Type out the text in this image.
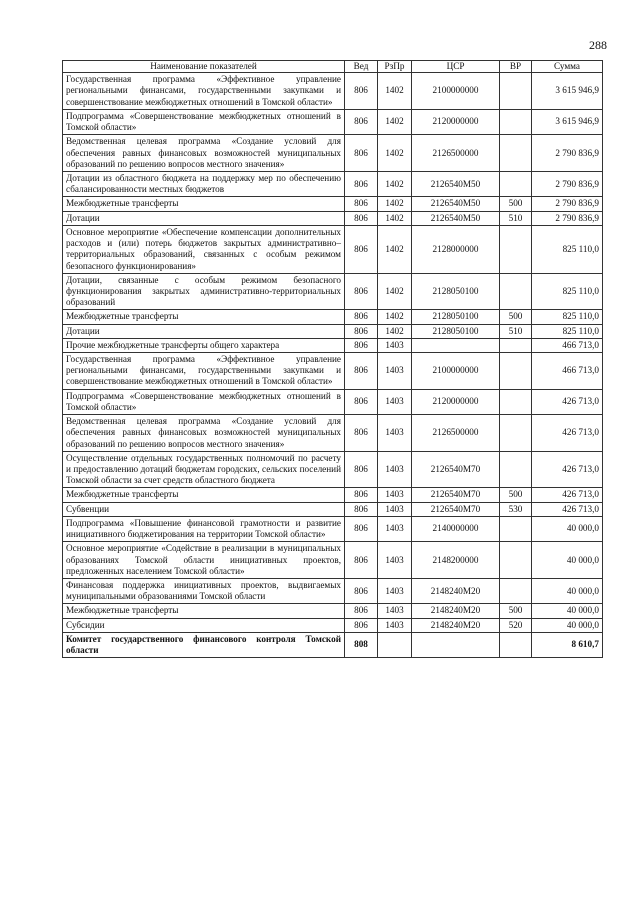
288
Наименование показателей	Вед	РзПр	ЦСР	ВР	Сумма
Государственная программа «Эффективное управление региональными финансами, государственными закупками и совершенствование межбюджетных отношений в Томской области»	806	1402	2100000000		3 615 946,9
Подпрограмма «Совершенствование межбюджетных отношений в Томской области»	806	1402	2120000000		3 615 946,9
Ведомственная целевая программа «Создание условий для обеспечения равных финансовых возможностей муниципальных образований по решению вопросов местного значения»	806	1402	2126500000		2 790 836,9
Дотации из областного бюджета на поддержку мер по обеспечению сбалансированности местных бюджетов	806	1402	2126540M50		2 790 836,9
Межбюджетные трансферты	806	1402	2126540M50	500	2 790 836,9
Дотации	806	1402	2126540M50	510	2 790 836,9
Основное мероприятие «Обеспечение компенсации дополнительных расходов и (или) потерь бюджетов закрытых административно–территориальных образований, связанных с особым режимом безопасного функционирования»	806	1402	2128000000		825 110,0
Дотации, связанные с особым режимом безопасного функционирования закрытых административно-территориальных образований	806	1402	2128050100		825 110,0
Межбюджетные трансферты	806	1402	2128050100	500	825 110,0
Дотации	806	1402	2128050100	510	825 110,0
Прочие межбюджетные трансферты общего характера	806	1403			466 713,0
Государственная программа «Эффективное управление региональными финансами, государственными закупками и совершенствование межбюджетных отношений в Томской области»	806	1403	2100000000		466 713,0
Подпрограмма «Совершенствование межбюджетных отношений в Томской области»	806	1403	2120000000		426 713,0
Ведомственная целевая программа «Создание условий для обеспечения равных финансовых возможностей муниципальных образований по решению вопросов местного значения»	806	1403	2126500000		426 713,0
Осуществление отдельных государственных полномочий по расчету и предоставлению дотаций бюджетам городских, сельских поселений Томской области за счет средств областного бюджета	806	1403	2126540M70		426 713,0
Межбюджетные трансферты	806	1403	2126540M70	500	426 713,0
Субвенции	806	1403	2126540M70	530	426 713,0
Подпрограмма «Повышение финансовой грамотности и развитие инициативного бюджетирования на территории Томской области»	806	1403	2140000000		40 000,0
Основное мероприятие «Содействие в реализации в муниципальных образованиях Томской области инициативных проектов, предложенных населением Томской области»	806	1403	2148200000		40 000,0
Финансовая поддержка инициативных проектов, выдвигаемых муниципальными образованиями Томской области	806	1403	2148240M20		40 000,0
Межбюджетные трансферты	806	1403	2148240M20	500	40 000,0
Субсидии	806	1403	2148240M20	520	40 000,0
Комитет государственного финансового контроля Томской области	808				8 610,7
